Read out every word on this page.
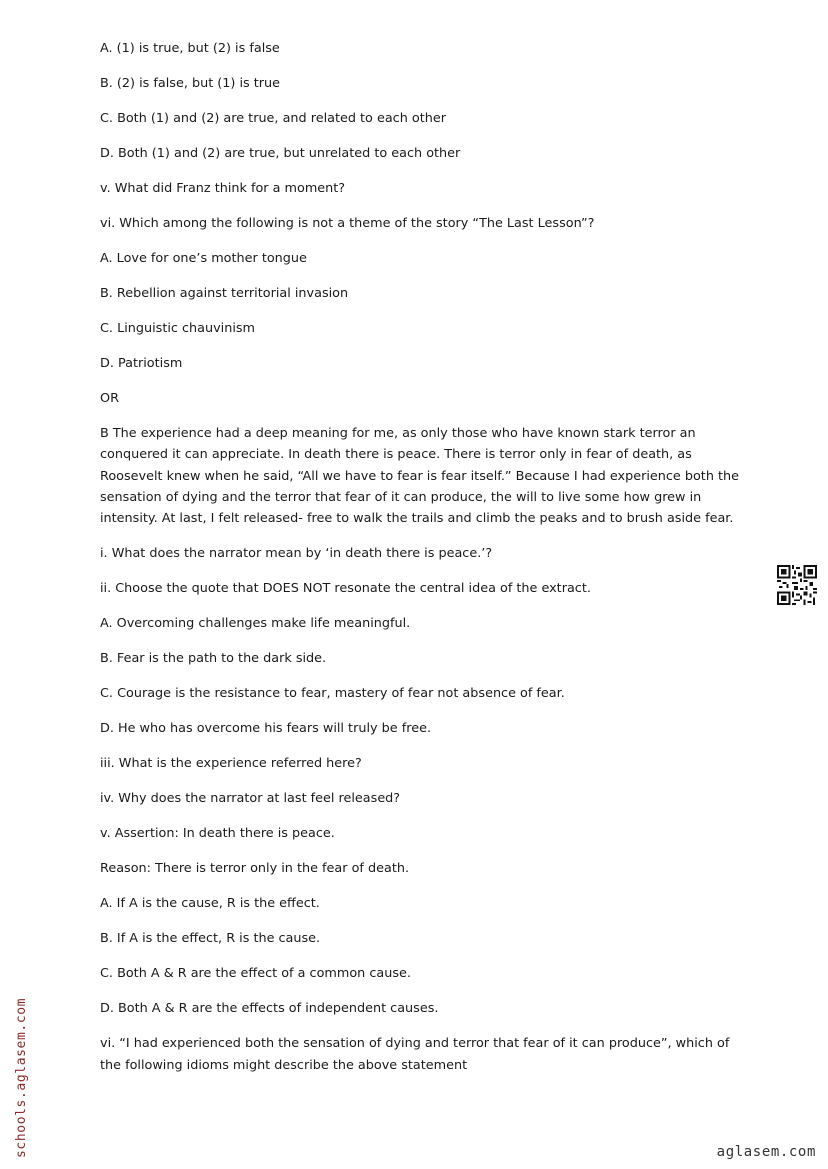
A. (1) is true, but (2) is false

B. (2) is false, but (1) is true

C. Both (1) and (2) are true, and related to each other

D. Both (1) and (2) are true, but unrelated to each other

v. What did Franz think for a moment?

vi. Which among the following is not a theme of the story “The Last Lesson”?

A. Love for one’s mother tongue

B. Rebellion against territorial invasion

C. Linguistic chauvinism

D. Patriotism

OR

B The experience had a deep meaning for me, as only those who have known stark terror an
conquered it can appreciate. In death there is peace. There is terror only in fear of death, as
Roosevelt knew when he said, “All we have to fear is fear itself.” Because I had experience both the
sensation of dying and the terror that fear of it can produce, the will to live some how grew in
intensity. At last, I felt released- free to walk the trails and climb the peaks and to brush aside fear.

i. What does the narrator mean by ‘in death there is peace.’?

ii. Choose the quote that DOES NOT resonate the central idea of the extract.

A. Overcoming challenges make life meaningful.

B. Fear is the path to the dark side.

C. Courage is the resistance to fear, mastery of fear not absence of fear.

D. He who has overcome his fears will truly be free.

iii. What is the experience referred here?

iv. Why does the narrator at last feel released?

v. Assertion: In death there is peace.

Reason: There is terror only in the fear of death.

A. If A is the cause, R is the effect.

B. If A is the effect, R is the cause.

C. Both A & R are the effect of a common cause.

D. Both A & R are the effects of independent causes.

vi. “I had experienced both the sensation of dying and terror that fear of it can produce”, which of
the following idioms might describe the above statement
schools.aglasem.com	aglasem.com
